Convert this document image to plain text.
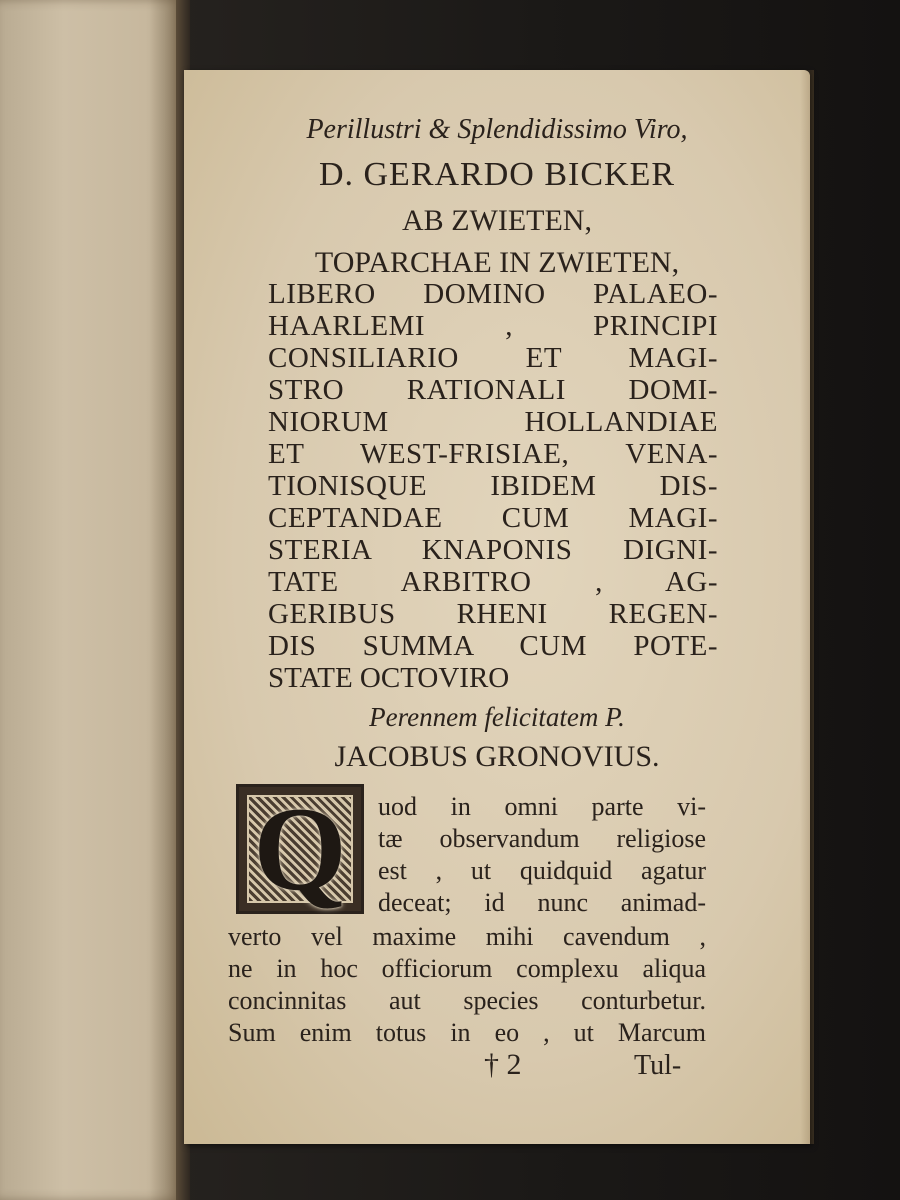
Perillustri & Splendidissimo Viro,

D. GERARDO BICKER

AB ZWIETEN,

TOPARCHAE IN ZWIETEN,

LIBERO DOMINO PALAEO-

HAARLEMI , PRINCIPI

CONSILIARIO ET MAGI-

STRO RATIONALI DOMI-

NIORUM HOLLANDIAE

ET WEST-FRISIAE, VENA-

TIONISQUE IBIDEM DIS-

CEPTANDAE CUM MAGI-

STERIA KNAPONIS DIGNI-

TATE ARBITRO , AG-

GERIBUS RHENI REGEN-

DIS SUMMA CUM POTE-

STATE OCTOVIRO

Perennem felicitatem P.

JACOBUS GRONOVIUS.

Q	uod in omni parte vi-

tæ observandum religiose

est , ut quidquid agatur

deceat; id nunc animad-

verto vel maxime mihi cavendum ,

ne in hoc officiorum complexu aliqua

concinnitas aut species conturbetur.

Sum enim totus in eo , ut Marcum

† 2	Tul-
